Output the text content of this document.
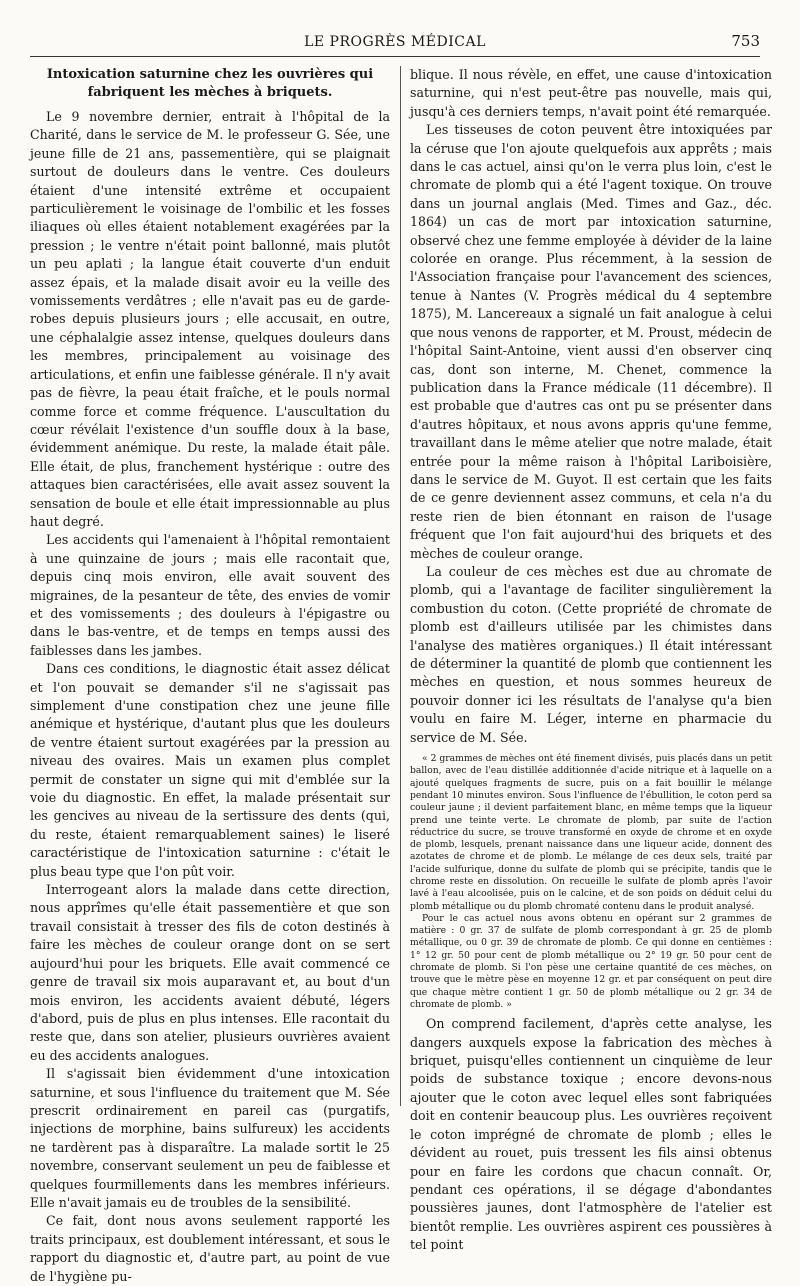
LE PROGRÈS MÉDICAL	753
Intoxication saturnine chez les ouvrières qui fabriquent les mèches à briquets.

Le 9 novembre dernier, entrait à l'hôpital de la Charité, dans le service de M. le professeur G. Sée, une jeune fille de 21 ans, passementière, qui se plaignait surtout de douleurs dans le ventre. Ces douleurs étaient d'une intensité extrême et occupaient particulièrement le voisinage de l'ombilic et les fosses iliaques où elles étaient notablement exagérées par la pression ; le ventre n'était point ballonné, mais plutôt un peu aplati ; la langue était couverte d'un enduit assez épais, et la malade disait avoir eu la veille des vomissements verdâtres ; elle n'avait pas eu de garde-robes depuis plusieurs jours ; elle accusait, en outre, une céphalalgie assez intense, quelques douleurs dans les membres, principalement au voisinage des articulations, et enfin une faiblesse générale. Il n'y avait pas de fièvre, la peau était fraîche, et le pouls normal comme force et comme fréquence. L'auscultation du cœur révélait l'existence d'un souffle doux à la base, évidemment anémique. Du reste, la malade était pâle. Elle était, de plus, franchement hystérique : outre des attaques bien caractérisées, elle avait assez souvent la sensation de boule et elle était impressionnable au plus haut degré.

Les accidents qui l'amenaient à l'hôpital remontaient à une quinzaine de jours ; mais elle racontait que, depuis cinq mois environ, elle avait souvent des migraines, de la pesanteur de tête, des envies de vomir et des vomissements ; des douleurs à l'épigastre ou dans le bas-ventre, et de temps en temps aussi des faiblesses dans les jambes.

Dans ces conditions, le diagnostic était assez délicat et l'on pouvait se demander s'il ne s'agissait pas simplement d'une constipation chez une jeune fille anémique et hystérique, d'autant plus que les douleurs de ventre étaient surtout exagérées par la pression au niveau des ovaires. Mais un examen plus complet permit de constater un signe qui mit d'emblée sur la voie du diagnostic. En effet, la malade présentait sur les gencives au niveau de la sertissure des dents (qui, du reste, étaient remarquablement saines) le liseré caractéristique de l'intoxication saturnine : c'était le plus beau type que l'on pût voir.

Interrogeant alors la malade dans cette direction, nous apprîmes qu'elle était passementière et que son travail consistait à tresser des fils de coton destinés à faire les mèches de couleur orange dont on se sert aujourd'hui pour les briquets. Elle avait commencé ce genre de travail six mois auparavant et, au bout d'un mois environ, les accidents avaient débuté, légers d'abord, puis de plus en plus intenses. Elle racontait du reste que, dans son atelier, plusieurs ouvrières avaient eu des accidents analogues.

Il s'agissait bien évidemment d'une intoxication saturnine, et sous l'influence du traitement que M. Sée prescrit ordinairement en pareil cas (purgatifs, injections de morphine, bains sulfureux) les accidents ne tardèrent pas à disparaître. La malade sortit le 25 novembre, conservant seulement un peu de faiblesse et quelques fourmillements dans les membres inférieurs. Elle n'avait jamais eu de troubles de la sensibilité.

Ce fait, dont nous avons seulement rapporté les traits principaux, est doublement intéressant, et sous le rapport du diagnostic et, d'autre part, au point de vue de l'hygiène pu-

blique. Il nous révèle, en effet, une cause d'intoxication saturnine, qui n'est peut-être pas nouvelle, mais qui, jusqu'à ces derniers temps, n'avait point été remarquée.

Les tisseuses de coton peuvent être intoxiquées par la céruse que l'on ajoute quelquefois aux apprêts ; mais dans le cas actuel, ainsi qu'on le verra plus loin, c'est le chromate de plomb qui a été l'agent toxique. On trouve dans un journal anglais (Med. Times and Gaz., déc. 1864) un cas de mort par intoxication saturnine, observé chez une femme employée à dévider de la laine colorée en orange. Plus récemment, à la session de l'Association française pour l'avancement des sciences, tenue à Nantes (V. Progrès médical du 4 septembre 1875), M. Lancereaux a signalé un fait analogue à celui que nous venons de rapporter, et M. Proust, médecin de l'hôpital Saint-Antoine, vient aussi d'en observer cinq cas, dont son interne, M. Chenet, commence la publication dans la France médicale (11 décembre). Il est probable que d'autres cas ont pu se présenter dans d'autres hôpitaux, et nous avons appris qu'une femme, travaillant dans le même atelier que notre malade, était entrée pour la même raison à l'hôpital Lariboisière, dans le service de M. Guyot. Il est certain que les faits de ce genre deviennent assez communs, et cela n'a du reste rien de bien étonnant en raison de l'usage fréquent que l'on fait aujourd'hui des briquets et des mèches de couleur orange.

La couleur de ces mèches est due au chromate de plomb, qui a l'avantage de faciliter singulièrement la combustion du coton. (Cette propriété de chromate de plomb est d'ailleurs utilisée par les chimistes dans l'analyse des matières organiques.) Il était intéressant de déterminer la quantité de plomb que contiennent les mèches en question, et nous sommes heureux de pouvoir donner ici les résultats de l'analyse qu'a bien voulu en faire M. Léger, interne en pharmacie du service de M. Sée.

« 2 grammes de mèches ont été finement divisés, puis placés dans un petit ballon, avec de l'eau distillée additionnée d'acide nitrique et à laquelle on a ajouté quelques fragments de sucre, puis on a fait bouillir le mélange pendant 10 minutes environ. Sous l'influence de l'ébullition, le coton perd sa couleur jaune ; il devient parfaitement blanc, en même temps que la liqueur prend une teinte verte. Le chromate de plomb, par suite de l'action réductrice du sucre, se trouve transformé en oxyde de chrome et en oxyde de plomb, lesquels, prenant naissance dans une liqueur acide, donnent des azotates de chrome et de plomb. Le mélange de ces deux sels, traité par l'acide sulfurique, donne du sulfate de plomb qui se précipite, tandis que le chrome reste en dissolution. On recueille le sulfate de plomb après l'avoir lavé à l'eau alcoolisée, puis on le calcine, et de son poids on déduit celui du plomb métallique ou du plomb chromaté contenu dans le produit analysé.

Pour le cas actuel nous avons obtenu en opérant sur 2 grammes de matière : 0 gr. 37 de sulfate de plomb correspondant à gr. 25 de plomb métallique, ou 0 gr. 39 de chromate de plomb. Ce qui donne en centièmes : 1° 12 gr. 50 pour cent de plomb métallique ou 2° 19 gr. 50 pour cent de chromate de plomb. Si l'on pèse une certaine quantité de ces mèches, on trouve que le mètre pèse en moyenne 12 gr. et par conséquent on peut dire que chaque mètre contient 1 gr. 50 de plomb métallique ou 2 gr. 34 de chromate de plomb. »

On comprend facilement, d'après cette analyse, les dangers auxquels expose la fabrication des mèches à briquet, puisqu'elles contiennent un cinquième de leur poids de substance toxique ; encore devons-nous ajouter que le coton avec lequel elles sont fabriquées doit en contenir beaucoup plus. Les ouvrières reçoivent le coton imprégné de chromate de plomb ; elles le dévident au rouet, puis tressent les fils ainsi obtenus pour en faire les cordons que chacun connaît. Or, pendant ces opérations, il se dégage d'abondantes poussières jaunes, dont l'atmosphère de l'atelier est bientôt remplie. Les ouvrières aspirent ces poussières à tel point
